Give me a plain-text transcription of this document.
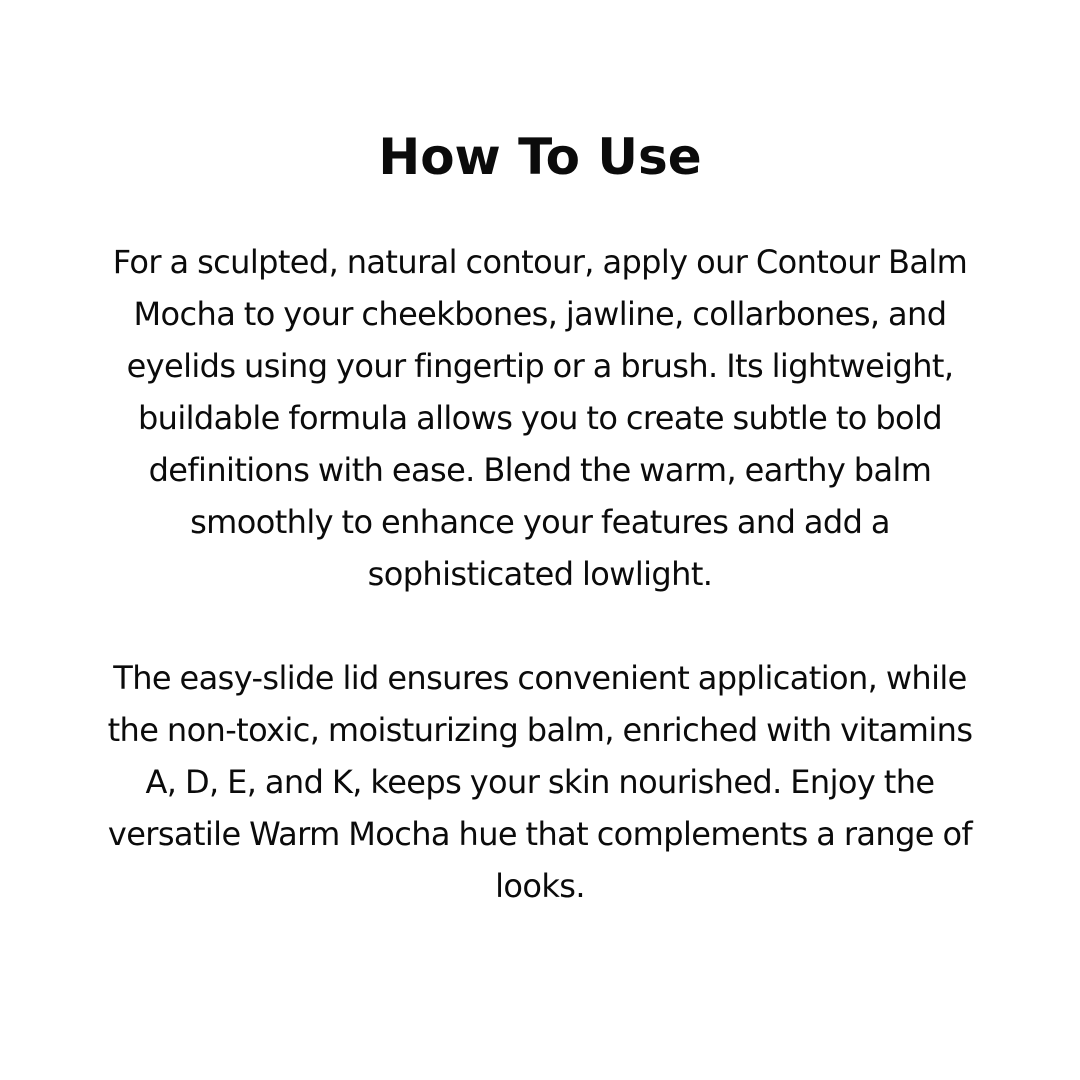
How To Use

For a sculpted, natural contour, apply our Contour Balm Mocha to your cheekbones, jawline, collarbones, and eyelids using your fingertip or a brush. Its lightweight, buildable formula allows you to create subtle to bold definitions with ease. Blend the warm, earthy balm smoothly to enhance your features and add a sophisticated lowlight.

The easy-slide lid ensures convenient application, while the non-toxic, moisturizing balm, enriched with vitamins A, D, E, and K, keeps your skin nourished. Enjoy the versatile Warm Mocha hue that complements a range of looks.
